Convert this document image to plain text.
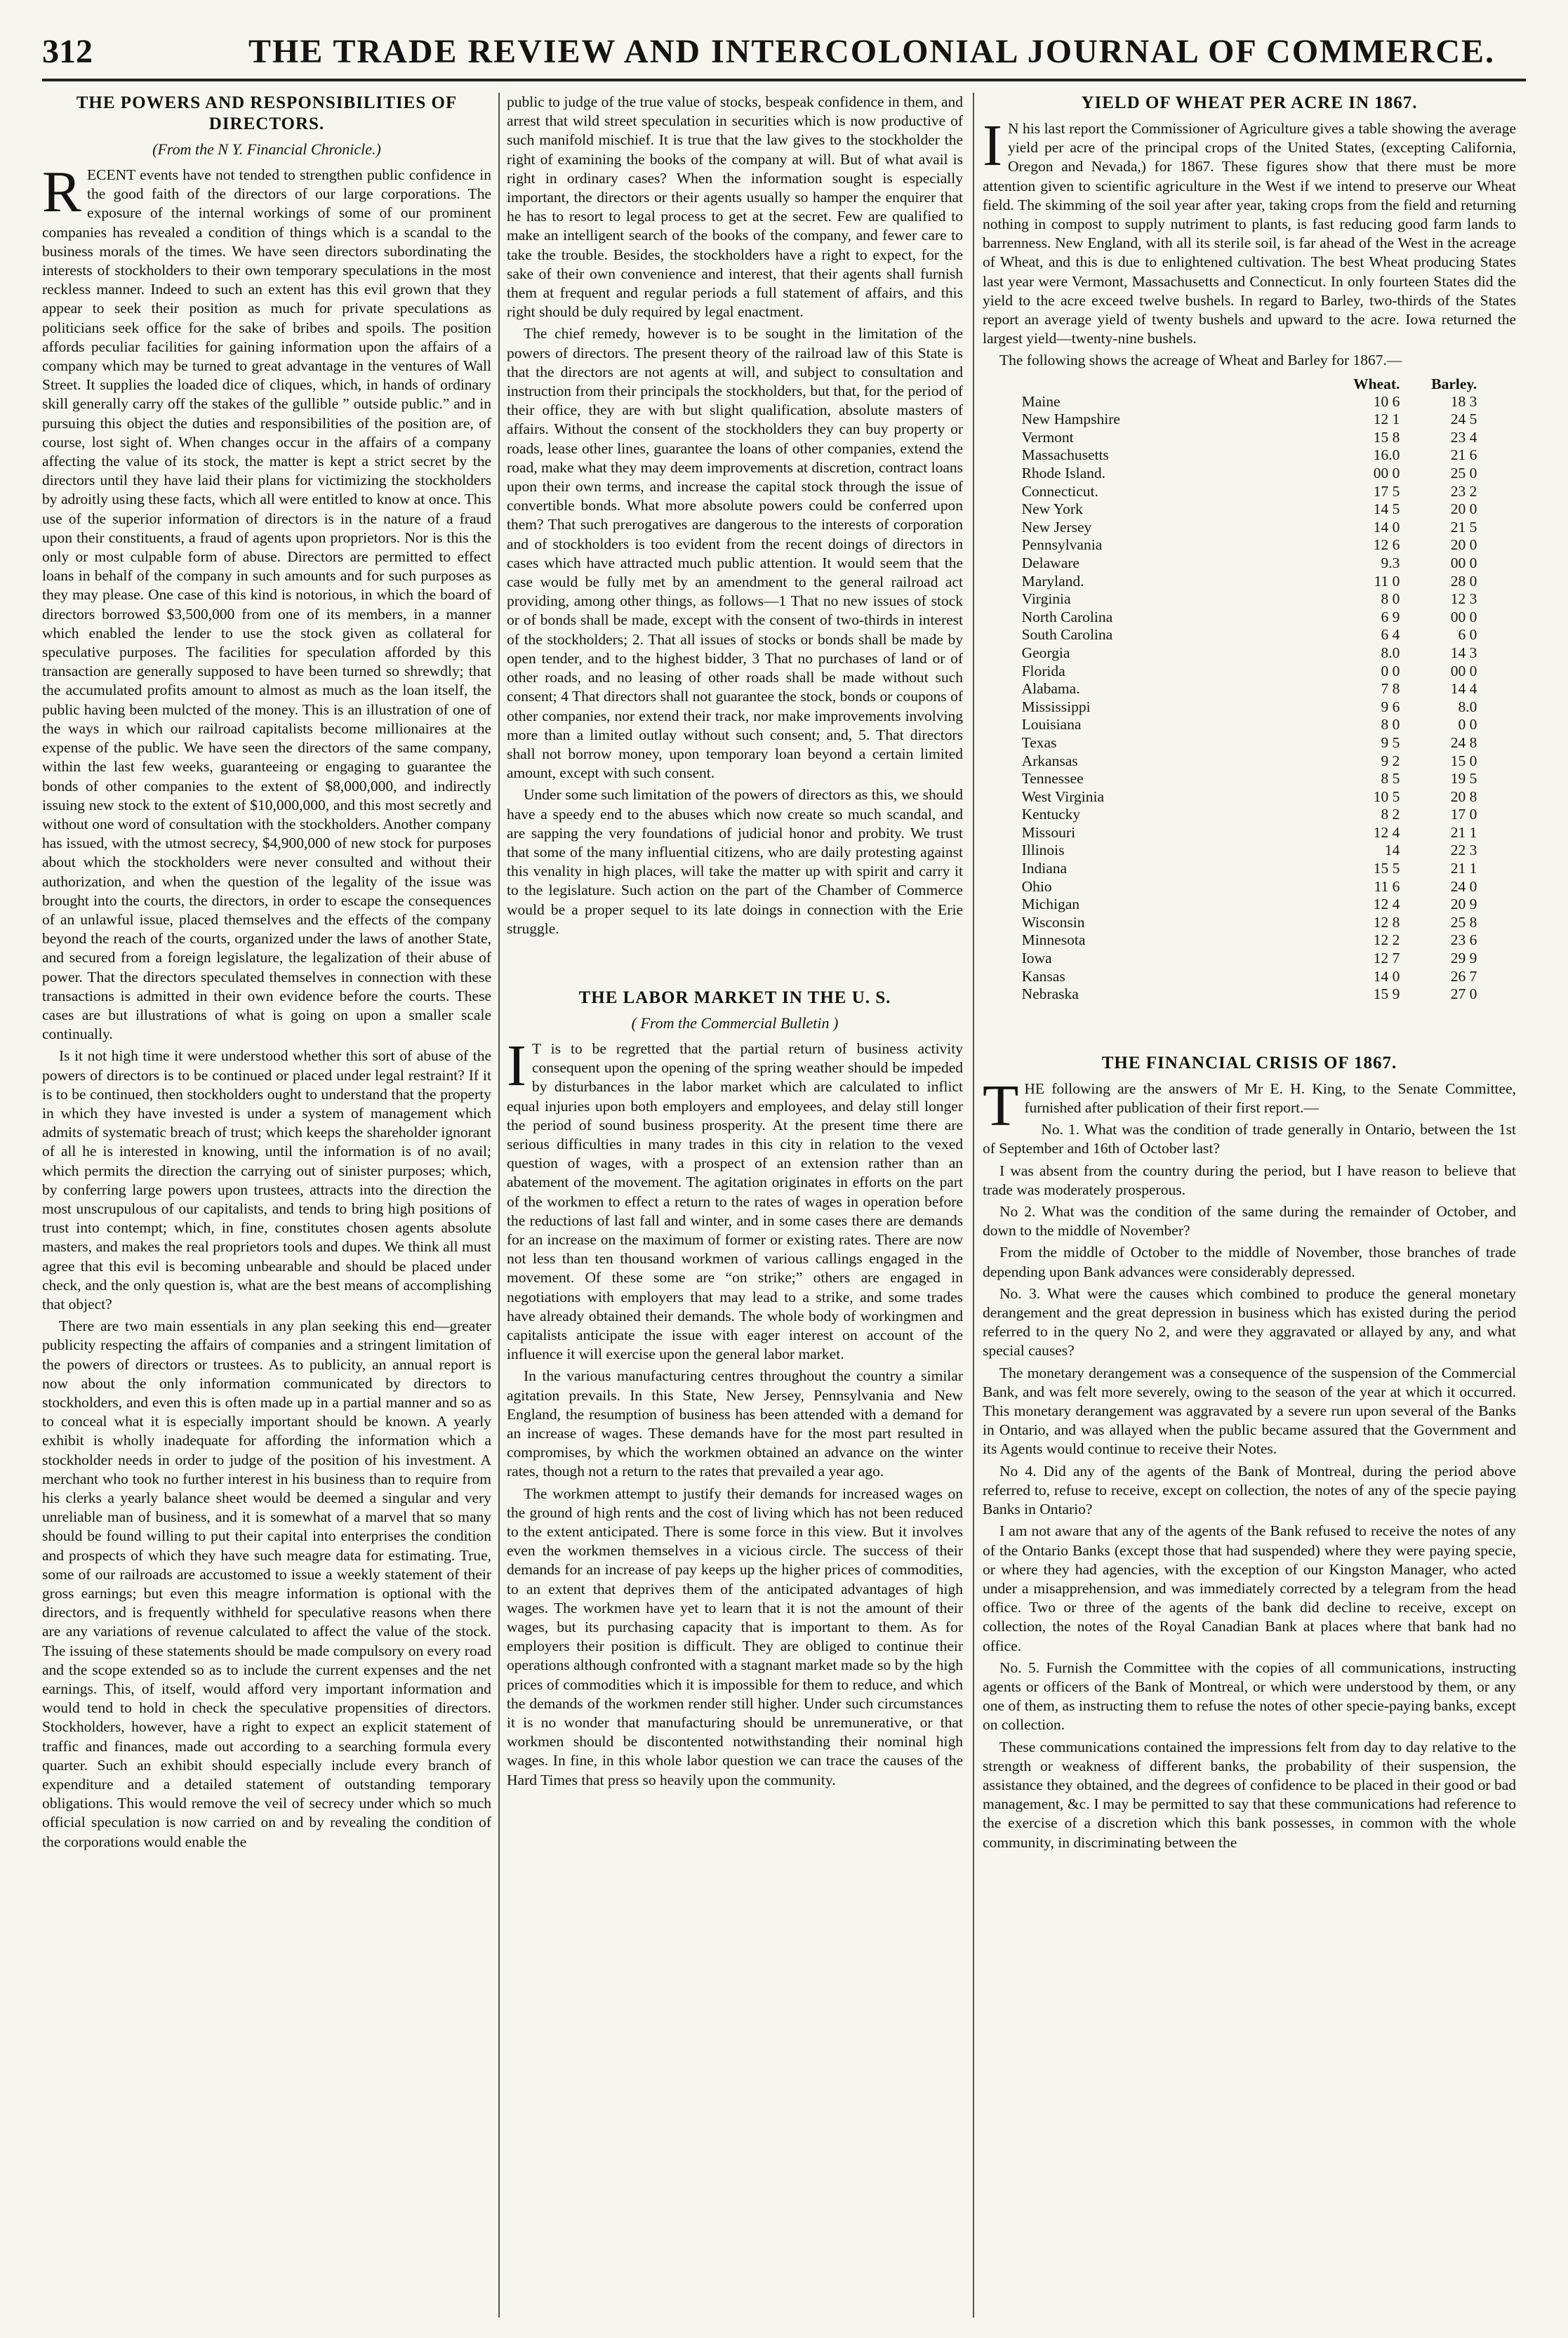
312	THE TRADE REVIEW AND INTERCOLONIAL JOURNAL OF COMMERCE.
THE POWERS AND RESPONSIBILITIES OF DIRECTORS.
(From the N Y. Financial Chronicle.)

RECENT events have not tended to strengthen public confidence in the good faith of the directors of our large corporations. The exposure of the internal workings of some of our prominent companies has revealed a condition of things which is a scandal to the business morals of the times. We have seen directors subordinating the interests of stockholders to their own temporary speculations in the most reckless manner. Indeed to such an extent has this evil grown that they appear to seek their position as much for private speculations as politicians seek office for the sake of bribes and spoils. The position affords peculiar facilities for gaining information upon the affairs of a company which may be turned to great advantage in the ventures of Wall Street. It supplies the loaded dice of cliques, which, in hands of ordinary skill generally carry off the stakes of the gullible ” outside public.” and in pursuing this object the duties and responsibilities of the position are, of course, lost sight of. When changes occur in the affairs of a company affecting the value of its stock, the matter is kept a strict secret by the directors until they have laid their plans for victimizing the stockholders by adroitly using these facts, which all were entitled to know at once. This use of the superior information of directors is in the nature of a fraud upon their constituents, a fraud of agents upon proprietors. Nor is this the only or most culpable form of abuse. Directors are permitted to effect loans in behalf of the company in such amounts and for such purposes as they may please. One case of this kind is notorious, in which the board of directors borrowed $3,500,000 from one of its members, in a manner which enabled the lender to use the stock given as collateral for speculative purposes. The facilities for speculation afforded by this transaction are generally supposed to have been turned so shrewdly; that the accumulated profits amount to almost as much as the loan itself, the public having been mulcted of the money. This is an illustration of one of the ways in which our railroad capitalists become millionaires at the expense of the public. We have seen the directors of the same company, within the last few weeks, guaranteeing or engaging to guarantee the bonds of other companies to the extent of $8,000,000, and indirectly issuing new stock to the extent of $10,000,000, and this most secretly and without one word of consultation with the stockholders. Another company has issued, with the utmost secrecy, $4,900,000 of new stock for purposes about which the stockholders were never consulted and without their authorization, and when the question of the legality of the issue was brought into the courts, the directors, in order to escape the consequences of an unlawful issue, placed themselves and the effects of the company beyond the reach of the courts, organized under the laws of another State, and secured from a foreign legislature, the legalization of their abuse of power. That the directors speculated themselves in connection with these transactions is admitted in their own evidence before the courts. These cases are but illustrations of what is going on upon a smaller scale continually.

Is it not high time it were understood whether this sort of abuse of the powers of directors is to be continued or placed under legal restraint? If it is to be continued, then stockholders ought to understand that the property in which they have invested is under a system of management which admits of systematic breach of trust; which keeps the shareholder ignorant of all he is interested in knowing, until the information is of no avail; which permits the direction the carrying out of sinister purposes; which, by conferring large powers upon trustees, attracts into the direction the most unscrupulous of our capitalists, and tends to bring high positions of trust into contempt; which, in fine, constitutes chosen agents absolute masters, and makes the real proprietors tools and dupes. We think all must agree that this evil is becoming unbearable and should be placed under check, and the only question is, what are the best means of accomplishing that object?

There are two main essentials in any plan seeking this end—greater publicity respecting the affairs of companies and a stringent limitation of the powers of directors or trustees. As to publicity, an annual report is now about the only information communicated by directors to stockholders, and even this is often made up in a partial manner and so as to conceal what it is especially important should be known. A yearly exhibit is wholly inadequate for affording the information which a stockholder needs in order to judge of the position of his investment. A merchant who took no further interest in his business than to require from his clerks a yearly balance sheet would be deemed a singular and very unreliable man of business, and it is somewhat of a marvel that so many should be found willing to put their capital into enterprises the condition and prospects of which they have such meagre data for estimating. True, some of our railroads are accustomed to issue a weekly statement of their gross earnings; but even this meagre information is optional with the directors, and is frequently withheld for speculative reasons when there are any variations of revenue calculated to affect the value of the stock. The issuing of these statements should be made compulsory on every road and the scope extended so as to include the current expenses and the net earnings. This, of itself, would afford very important information and would tend to hold in check the speculative propensities of directors. Stockholders, however, have a right to expect an explicit statement of traffic and finances, made out according to a searching formula every quarter. Such an exhibit should especially include every branch of expenditure and a detailed statement of outstanding temporary obligations. This would remove the veil of secrecy under which so much official speculation is now carried on and by revealing the condition of the corporations would enable the

public to judge of the true value of stocks, bespeak confidence in them, and arrest that wild street speculation in securities which is now productive of such manifold mischief. It is true that the law gives to the stockholder the right of examining the books of the company at will. But of what avail is right in ordinary cases? When the information sought is especially important, the directors or their agents usually so hamper the enquirer that he has to resort to legal process to get at the secret. Few are qualified to make an intelligent search of the books of the company, and fewer care to take the trouble. Besides, the stockholders have a right to expect, for the sake of their own convenience and interest, that their agents shall furnish them at frequent and regular periods a full statement of affairs, and this right should be duly required by legal enactment.

The chief remedy, however is to be sought in the limitation of the powers of directors. The present theory of the railroad law of this State is that the directors are not agents at will, and subject to consultation and instruction from their principals the stockholders, but that, for the period of their office, they are with but slight qualification, absolute masters of affairs. Without the consent of the stockholders they can buy property or roads, lease other lines, guarantee the loans of other companies, extend the road, make what they may deem improvements at discretion, contract loans upon their own terms, and increase the capital stock through the issue of convertible bonds. What more absolute powers could be conferred upon them? That such prerogatives are dangerous to the interests of corporation and of stockholders is too evident from the recent doings of directors in cases which have attracted much public attention. It would seem that the case would be fully met by an amendment to the general railroad act providing, among other things, as follows—1 That no new issues of stock or of bonds shall be made, except with the consent of two-thirds in interest of the stockholders; 2. That all issues of stocks or bonds shall be made by open tender, and to the highest bidder, 3 That no purchases of land or of other roads, and no leasing of other roads shall be made without such consent; 4 That directors shall not guarantee the stock, bonds or coupons of other companies, nor extend their track, nor make improvements involving more than a limited outlay without such consent; and, 5. That directors shall not borrow money, upon temporary loan beyond a certain limited amount, except with such consent.

Under some such limitation of the powers of directors as this, we should have a speedy end to the abuses which now create so much scandal, and are sapping the very foundations of judicial honor and probity. We trust that some of the many influential citizens, who are daily protesting against this venality in high places, will take the matter up with spirit and carry it to the legislature. Such action on the part of the Chamber of Commerce would be a proper sequel to its late doings in connection with the Erie struggle.

THE LABOR MARKET IN THE U. S.
( From the Commercial Bulletin )

I T is to be regretted that the partial return of business activity consequent upon the opening of the spring weather should be impeded by disturbances in the labor market which are calculated to inflict equal injuries upon both employers and employees, and delay still longer the period of sound business prosperity. At the present time there are serious difficulties in many trades in this city in relation to the vexed question of wages, with a prospect of an extension rather than an abatement of the movement. The agitation originates in efforts on the part of the workmen to effect a return to the rates of wages in operation before the reductions of last fall and winter, and in some cases there are demands for an increase on the maximum of former or existing rates. There are now not less than ten thousand workmen of various callings engaged in the movement. Of these some are “on strike;” others are engaged in negotiations with employers that may lead to a strike, and some trades have already obtained their demands. The whole body of workingmen and capitalists anticipate the issue with eager interest on account of the influence it will exercise upon the general labor market.

In the various manufacturing centres throughout the country a similar agitation prevails. In this State, New Jersey, Pennsylvania and New England, the resumption of business has been attended with a demand for an increase of wages. These demands have for the most part resulted in compromises, by which the workmen obtained an advance on the winter rates, though not a return to the rates that prevailed a year ago.

The workmen attempt to justify their demands for increased wages on the ground of high rents and the cost of living which has not been reduced to the extent anticipated. There is some force in this view. But it involves even the workmen themselves in a vicious circle. The success of their demands for an increase of pay keeps up the higher prices of commodities, to an extent that deprives them of the anticipated advantages of high wages. The workmen have yet to learn that it is not the amount of their wages, but its purchasing capacity that is important to them. As for employers their position is difficult. They are obliged to continue their operations although confronted with a stagnant market made so by the high prices of commodities which it is impossible for them to reduce, and which the demands of the workmen render still higher. Under such circumstances it is no wonder that manufacturing should be unremunerative, or that workmen should be discontented notwithstanding their nominal high wages. In fine, in this whole labor question we can trace the causes of the Hard Times that press so heavily upon the community.

YIELD OF WHEAT PER ACRE IN 1867.

I N his last report the Commissioner of Agriculture gives a table showing the average yield per acre of the principal crops of the United States, (excepting California, Oregon and Nevada,) for 1867. These figures show that there must be more attention given to scientific agriculture in the West if we intend to preserve our Wheat field. The skimming of the soil year after year, taking crops from the field and returning nothing in compost to supply nutriment to plants, is fast reducing good farm lands to barrenness. New England, with all its sterile soil, is far ahead of the West in the acreage of Wheat, and this is due to enlightened cultivation. The best Wheat producing States last year were Vermont, Massachusetts and Connecticut. In only fourteen States did the yield to the acre exceed twelve bushels. In regard to Barley, two-thirds of the States report an average yield of twenty bushels and upward to the acre. Iowa returned the largest yield—twenty-nine bushels.

The following shows the acreage of Wheat and Barley for 1867.—

	Wheat.	Barley.
Maine	10 6	18 3
New Hampshire	12 1	24 5
Vermont	15 8	23 4
Massachusetts	16.0	21 6
Rhode Island.	00 0	25 0
Connecticut.	17 5	23 2
New York	14 5	20 0
New Jersey	14 0	21 5
Pennsylvania	12 6	20 0
Delaware	9.3	00 0
Maryland.	11 0	28 0
Virginia	8 0	12 3
North Carolina	6 9	00 0
South Carolina	6 4	6 0
Georgia	8.0	14 3
Florida	0 0	00 0
Alabama.	7 8	14 4
Mississippi	9 6	8.0
Louisiana	8 0	0 0
Texas	9 5	24 8
Arkansas	9 2	15 0
Tennessee	8 5	19 5
West Virginia	10 5	20 8
Kentucky	8 2	17 0
Missouri	12 4	21 1
Illinois	14	22 3
Indiana	15 5	21 1
Ohio	11 6	24 0
Michigan	12 4	20 9
Wisconsin	12 8	25 8
Minnesota	12 2	23 6
Iowa	12 7	29 9
Kansas	14 0	26 7
Nebraska	15 9	27 0
THE FINANCIAL CRISIS OF 1867.

THE following are the answers of Mr E. H. King, to the Senate Committee, furnished after publication of their first report.—

No. 1. What was the condition of trade generally in Ontario, between the 1st of September and 16th of October last?

I was absent from the country during the period, but I have reason to believe that trade was moderately prosperous.

No 2. What was the condition of the same during the remainder of October, and down to the middle of November?

From the middle of October to the middle of November, those branches of trade depending upon Bank advances were considerably depressed.

No. 3. What were the causes which combined to produce the general monetary derangement and the great depression in business which has existed during the period referred to in the query No 2, and were they aggravated or allayed by any, and what special causes?

The monetary derangement was a consequence of the suspension of the Commercial Bank, and was felt more severely, owing to the season of the year at which it occurred. This monetary derangement was aggravated by a severe run upon several of the Banks in Ontario, and was allayed when the public became assured that the Government and its Agents would continue to receive their Notes.

No 4. Did any of the agents of the Bank of Montreal, during the period above referred to, refuse to receive, except on collection, the notes of any of the specie paying Banks in Ontario?

I am not aware that any of the agents of the Bank refused to receive the notes of any of the Ontario Banks (except those that had suspended) where they were paying specie, or where they had agencies, with the exception of our Kingston Manager, who acted under a misapprehension, and was immediately corrected by a telegram from the head office. Two or three of the agents of the bank did decline to receive, except on collection, the notes of the Royal Canadian Bank at places where that bank had no office.

No. 5. Furnish the Committee with the copies of all communications, instructing agents or officers of the Bank of Montreal, or which were understood by them, or any one of them, as instructing them to refuse the notes of other specie-paying banks, except on collection.

These communications contained the impressions felt from day to day relative to the strength or weakness of different banks, the probability of their suspension, the assistance they obtained, and the degrees of confidence to be placed in their good or bad management, &c. I may be permitted to say that these communications had reference to the exercise of a discretion which this bank possesses, in common with the whole community, in discriminating between the
